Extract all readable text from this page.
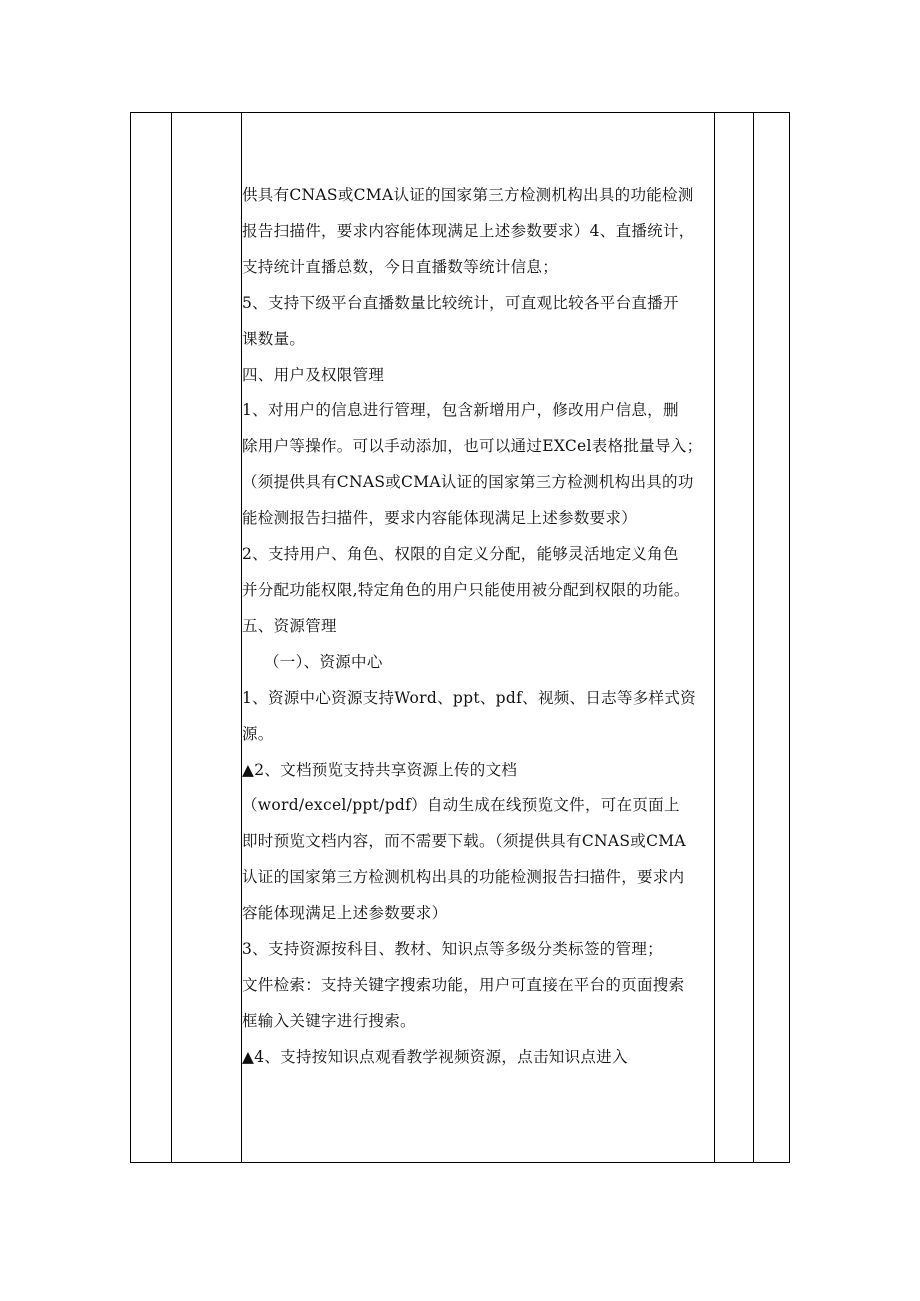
供具有CNAS或CMA认证的国家第三方检测机构出具的功能检测

报告扫描件，要求内容能体现满足上述参数要求）4、直播统计，

支持统计直播总数，今日直播数等统计信息；

5、支持下级平台直播数量比较统计，可直观比较各平台直播开

课数量。

四、用户及权限管理

1、对用户的信息进行管理，包含新增用户，修改用户信息，删

除用户等操作。可以手动添加，也可以通过EXCel表格批量导入；

（须提供具有CNAS或CMA认证的国家第三方检测机构出具的功

能检测报告扫描件，要求内容能体现满足上述参数要求）

2、支持用户、角色、权限的自定义分配，能够灵活地定义角色

并分配功能权限,特定角色的用户只能使用被分配到权限的功能。

五、资源管理

（一）、资源中心

1、资源中心资源支持Word、ppt、pdf、视频、日志等多样式资

源。

▲2、文档预览支持共享资源上传的文档

（word/excel/ppt/pdf）自动生成在线预览文件，可在页面上

即时预览文档内容，而不需要下载。（须提供具有CNAS或CMA

认证的国家第三方检测机构出具的功能检测报告扫描件，要求内

容能体现满足上述参数要求）

3、支持资源按科目、教材、知识点等多级分类标签的管理；

文件检索：支持关键字搜索功能，用户可直接在平台的页面搜索

框输入关键字进行搜索。

▲4、支持按知识点观看教学视频资源，点击知识点进入
